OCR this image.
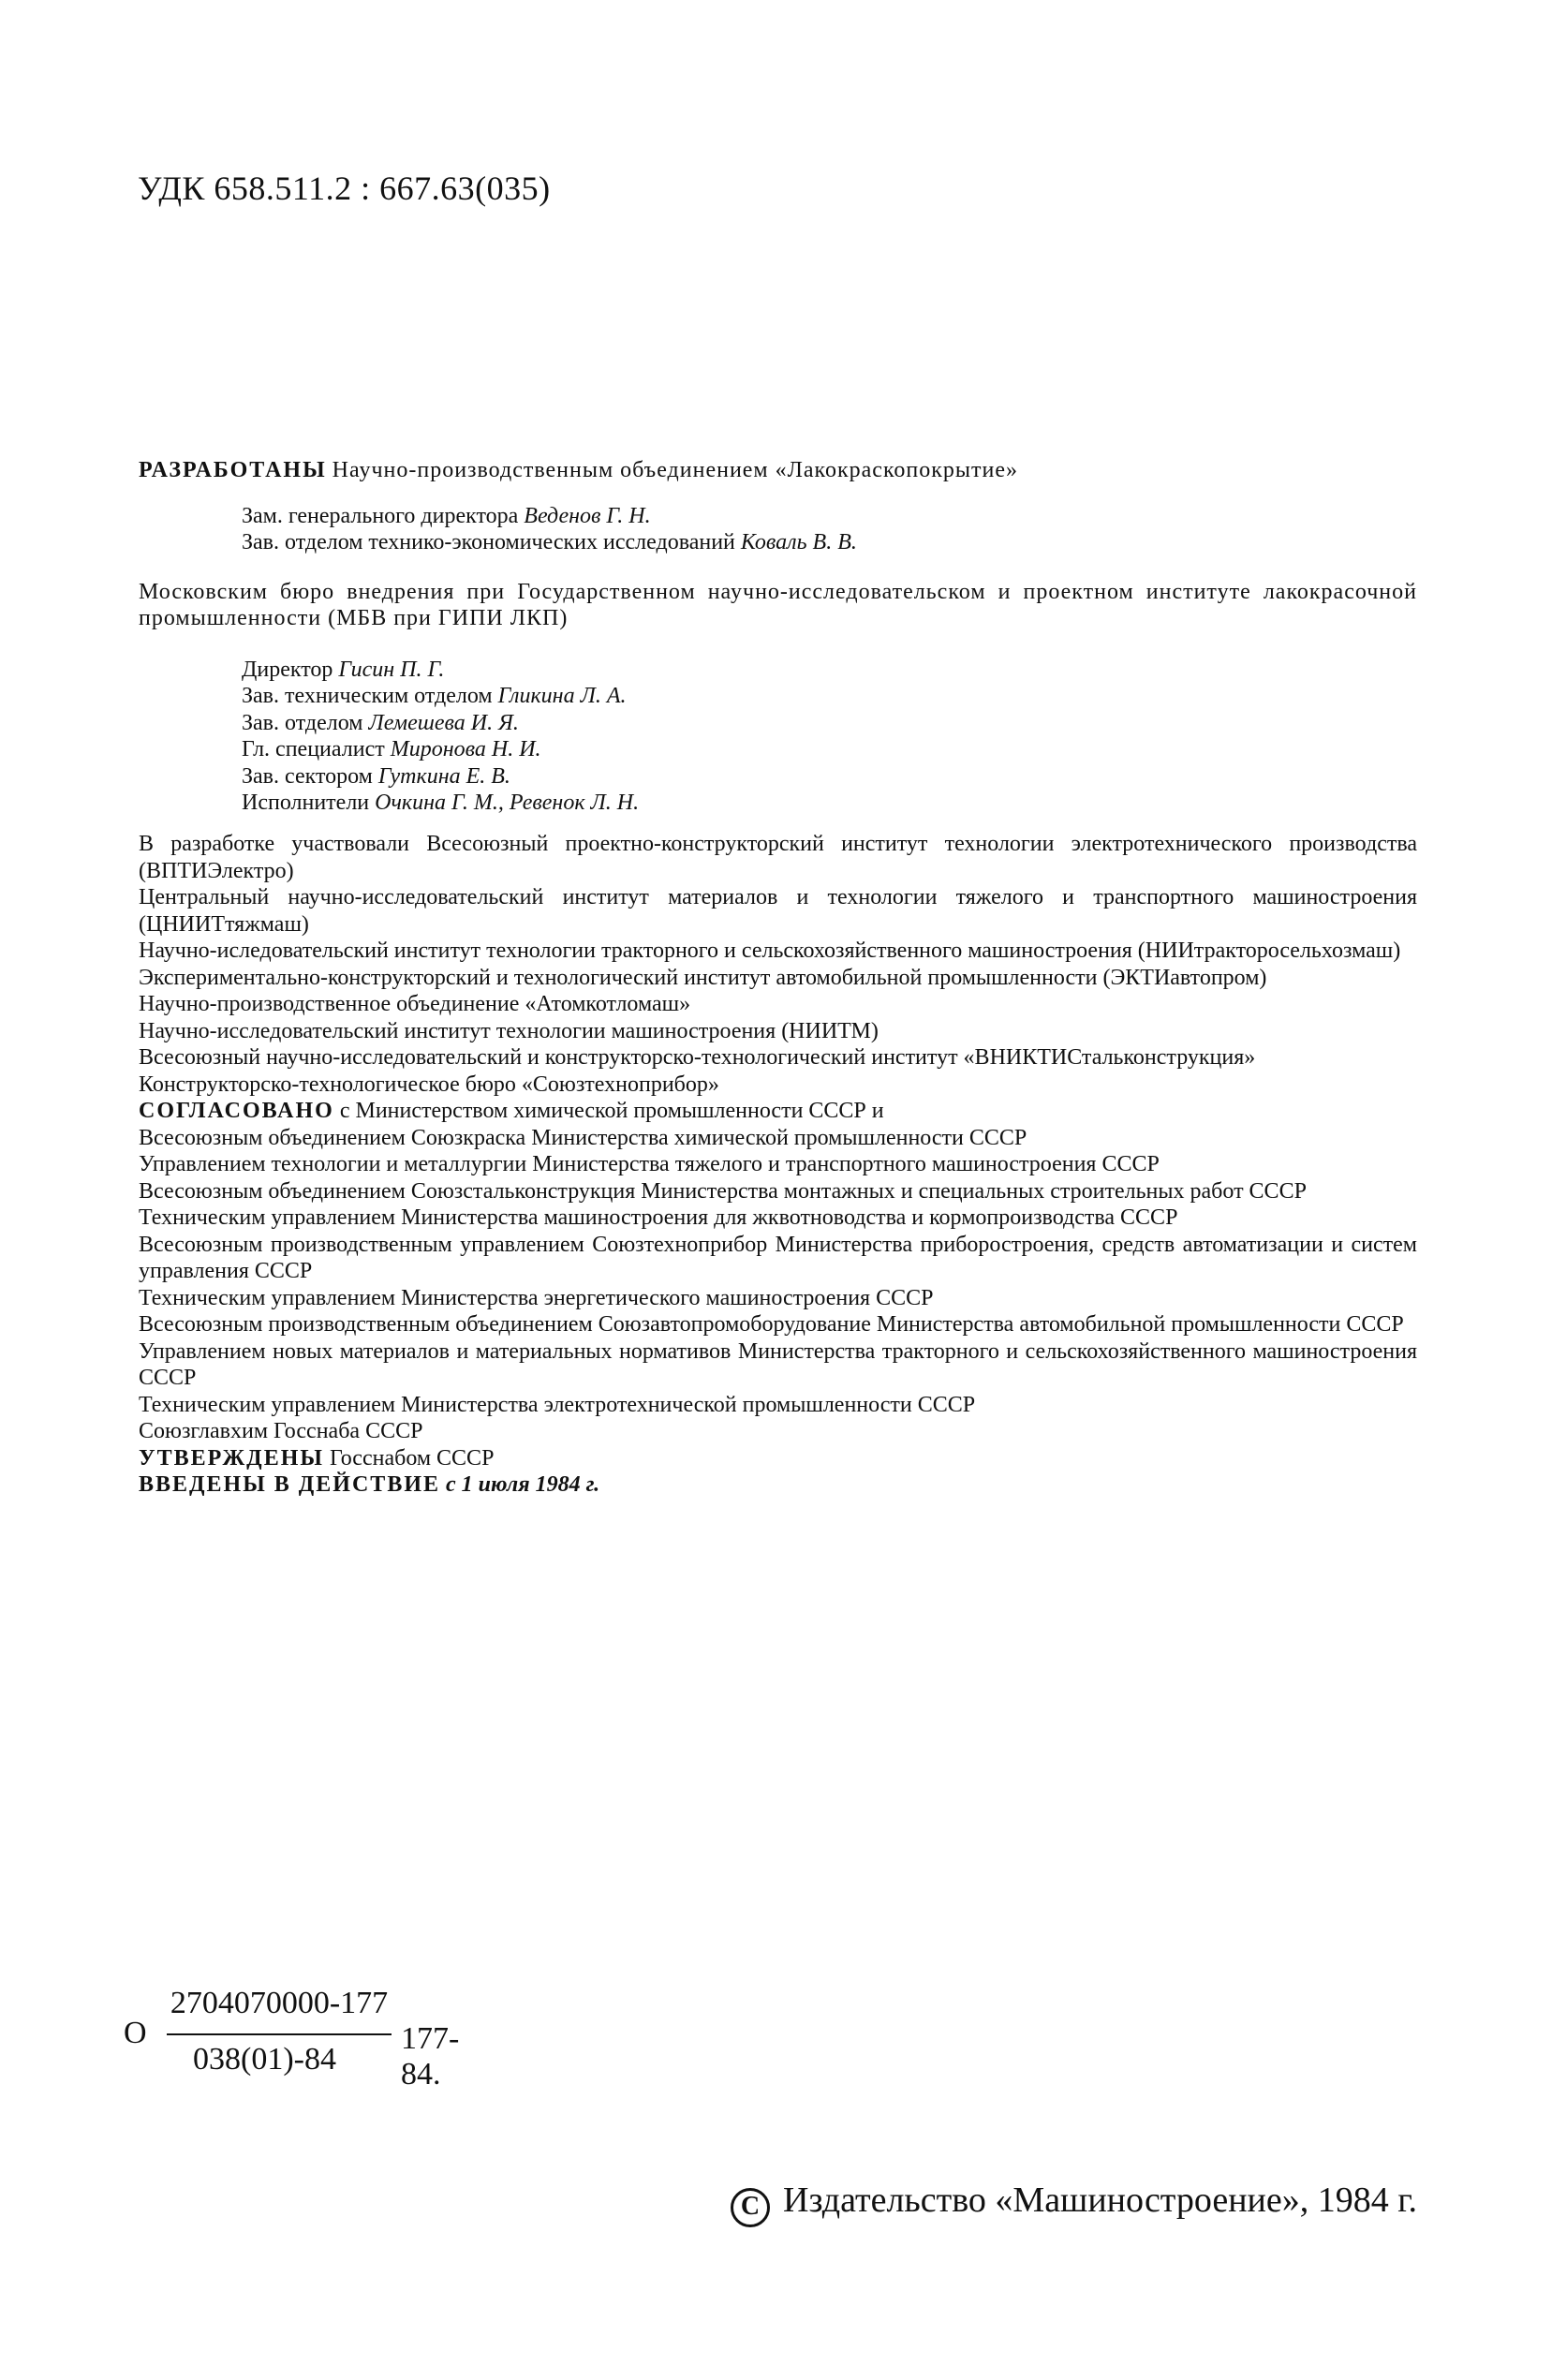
УДК 658.511.2 : 667.63(035)

РАЗРАБОТАНЫ Научно-производственным объединением «Лакокраскопокрытие»

Зам. генерального директора Веденов Г. Н.

Зав. отделом технико-экономических исследований Коваль В. В.

Московским бюро внедрения при Государственном научно-исследовательском и проектном институте лакокрасочной промышленности (МБВ при ГИПИ ЛКП)

Директор Гисин П. Г.

Зав. техническим отделом Гликина Л. А.

Зав. отделом Лемешева И. Я.

Гл. специалист Миронова Н. И.

Зав. сектором Гуткина Е. В.

Исполнители Очкина Г. М., Ревенок Л. Н.

В разработке участвовали Всесоюзный проектно-конструкторский институт технологии электротехнического производства (ВПТИЭлектро)

Центральный научно-исследовательский институт материалов и технологии тяжелого и транспортного машиностроения (ЦНИИТтяжмаш)

Научно-иследовательский институт технологии тракторного и сельскохозяйственного машиностроения (НИИтракторосельхозмаш)

Экспериментально-конструкторский и технологический институт автомобильной промышленности (ЭКТИавтопром)

Научно-производственное объединение «Атомкотломаш»

Научно-исследовательский институт технологии машиностроения (НИИТМ)

Всесоюзный научно-исследовательский и конструкторско-технологический институт «ВНИКТИСтальконструкция»

Конструкторско-технологическое бюро «Союзтехноприбор»

СОГЛАСОВАНО с Министерством химической промышленности СССР и

Всесоюзным объединением Союзкраска Министерства химической промышленности СССР

Управлением технологии и металлургии Министерства тяжелого и транспортного машиностроения СССР

Всесоюзным объединением Союзстальконструкция Министерства монтажных и специальных строительных работ СССР

Техническим управлением Министерства машиностроения для жквотноводства и кормопроизводства СССР

Всесоюзным производственным управлением Союзтехноприбор Министерства приборостроения, средств автоматизации и систем управления СССР

Техническим управлением Министерства энергетического машиностроения СССР

Всесоюзным производственным объединением Союзавтопромоборудование Министерства автомобильной промышленности СССР

Управлением новых материалов и материальных нормативов Министерства тракторного и сельскохозяйственного машиностроения СССР

Техническим управлением Министерства электротехнической промышленности СССР

Союзглавхим Госснаба СССР

УТВЕРЖДЕНЫ Госснабом СССР

ВВЕДЕНЫ В ДЕЙСТВИЕ с 1 июля 1984 г.

О
2704070000-177
038(01)-84
177-84.
С Издательство «Машиностроение», 1984 г.
